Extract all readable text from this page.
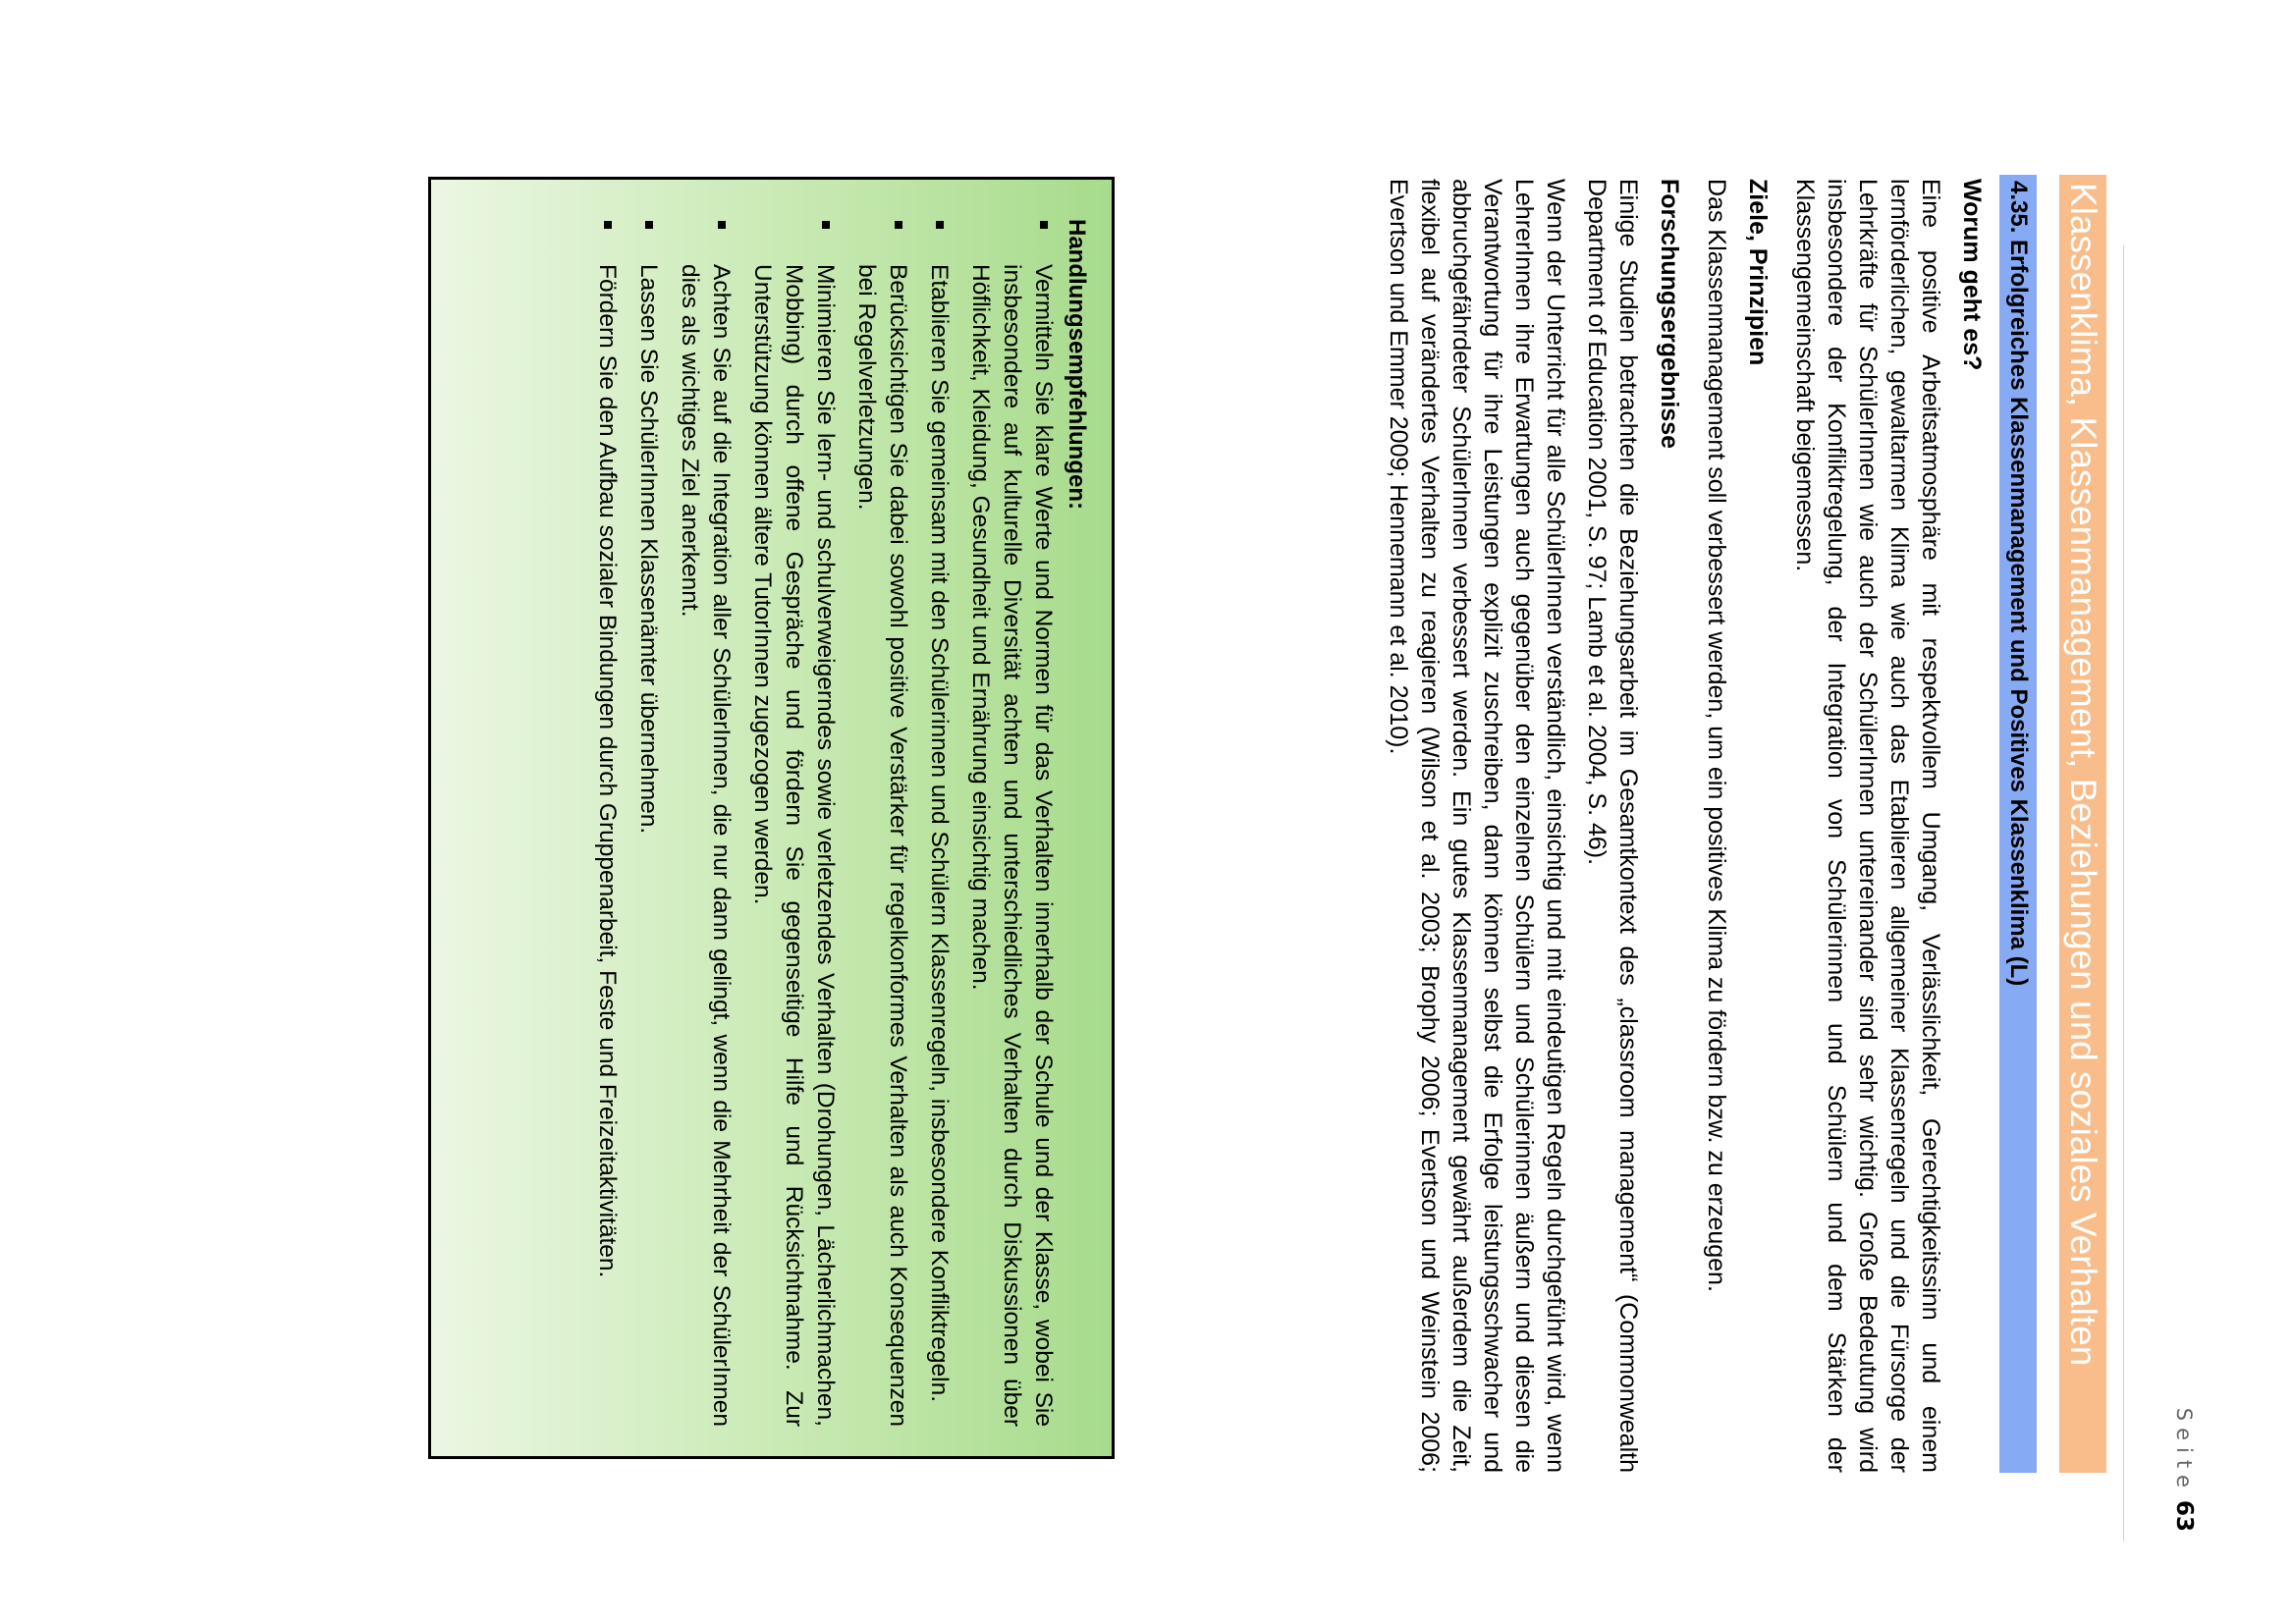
Seite63
Klassenklima, Klassenmanagement, Beziehungen und soziales Verhalten
4.35. Erfolgreiches Klassenmanagement und Positives Klassenklima (L)
Worum geht es?

Eine positive Arbeitsatmosphäre mit respektvollem Umgang, Verlässlichkeit, Gerechtigkeitssinn und einem lernförderlichen, gewaltarmen Klima wie auch das Etablieren allgemeiner Klassenregeln und die Fürsorge der Lehrkräfte für SchülerInnen wie auch der SchülerInnen untereinander sind sehr wichtig. Große Bedeutung wird insbesondere der Konfliktregelung, der Integration von Schülerinnen und Schülern und dem Stärken der Klassengemeinschaft beigemessen.

Ziele, Prinzipien

Das Klassenmanagement soll verbessert werden, um ein positives Klima zu fördern bzw. zu erzeugen.

Forschungsergebnisse

Einige Studien betrachten die Beziehungsarbeit im Gesamtkontext des „classroom management“ (Commonwealth Department of Education 2001, S. 97; Lamb et al. 2004, S. 46).

Wenn der Unterricht für alle SchülerInnen verständlich, einsichtig und mit eindeutigen Regeln durchgeführt wird, wenn LehrerInnen ihre Erwartungen auch gegenüber den einzelnen Schülern und Schülerinnen äußern und diesen die Verantwortung für ihre Leistungen explizit zuschreiben, dann können selbst die Erfolge leistungsschwacher und abbruchgefährdeter SchülerInnen verbessert werden. Ein gutes Klassenmanagement gewährt außerdem die Zeit, flexibel auf verändertes Verhalten zu reagieren (Wilson et al. 2003; Brophy 2006; Evertson und Weinstein 2006; Evertson und Emmer 2009; Hennemann et al. 2010).

Handlungsempfehlungen:
Vermitteln Sie klare Werte und Normen für das Verhalten innerhalb der Schule und der Klasse, wobei Sie insbesondere auf kulturelle Diversität achten und unterschiedliches Verhalten durch Diskussionen über Höflichkeit, Kleidung, Gesundheit und Ernährung einsichtig machen.
Etablieren Sie gemeinsam mit den Schülerinnen und Schülern Klassenregeln, insbesondere Konfliktregeln.
Berücksichtigen Sie dabei sowohl positive Verstärker für regelkonformes Verhalten als auch Konsequenzen bei Regelverletzungen.
Minimieren Sie lern- und schulverweigerndes sowie verletzendes Verhalten (Drohungen, Lächerlichmachen, Mobbing) durch offene Gespräche und fördern Sie gegenseitige Hilfe und Rücksichtnahme. Zur Unterstützung können ältere TutorInnen zugezogen werden.
Achten Sie auf die Integration aller SchülerInnen, die nur dann gelingt, wenn die Mehrheit der SchülerInnen dies als wichtiges Ziel anerkennt.
Lassen Sie SchülerInnen Klassenämter übernehmen.
Fördern Sie den Aufbau sozialer Bindungen durch Gruppenarbeit, Feste und Freizeitaktivitäten.
